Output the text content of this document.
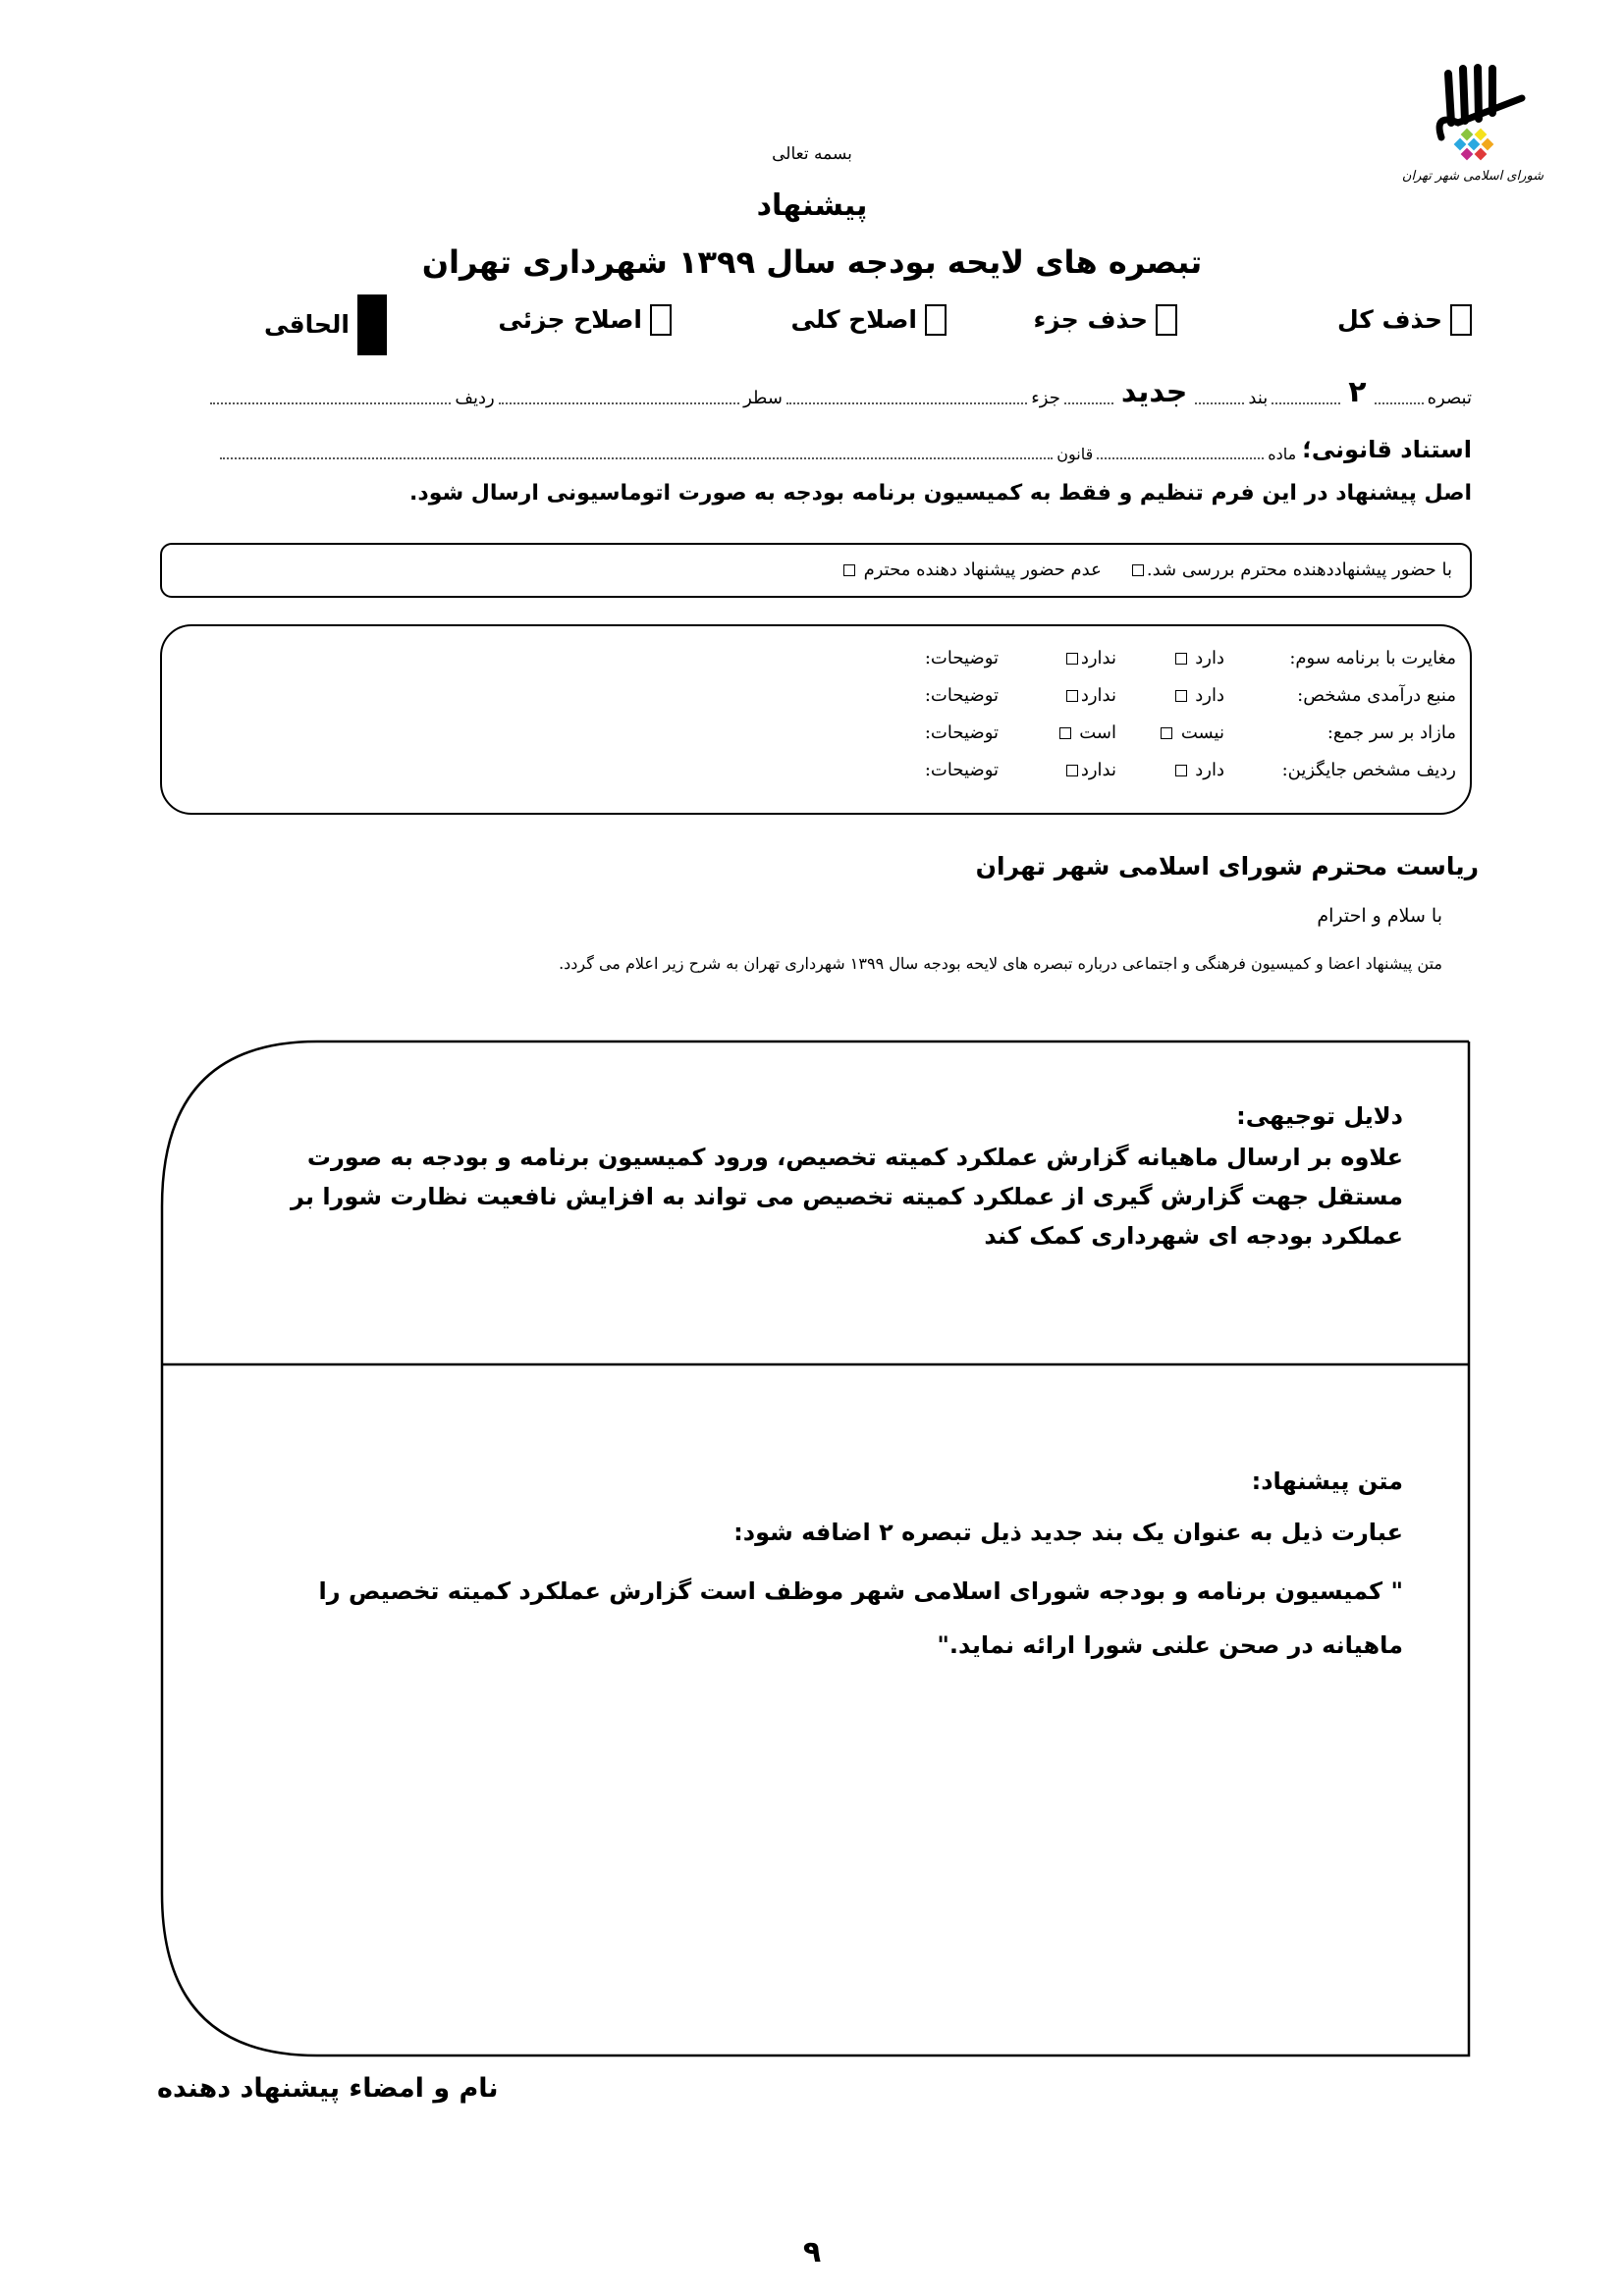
شورای اسلامی شهر تهران
بسمه تعالی
پیشنهاد
تبصره های لایحه بودجه سال ۱۳۹۹ شهرداری تهران
حذف کل
حذف جزء
اصلاح کلی
اصلاح جزئی
الحاقی
تبصره
۲
بند
جدید
جزء
سطر
ردیف
استناد قانونی؛
ماده
قانون
اصل پیشنهاد در این فرم تنظیم و فقط به کمیسیون برنامه بودجه به صورت اتوماسیونی ارسال شود.
با حضور پیشنهاددهنده محترم بررسی شد.
عدم حضور پیشنهاد دهنده محترم
مغایرت با برنامه سوم:
دارد
ندارد
توضیحات:
منبع درآمدی مشخص:
دارد
ندارد
توضیحات:
مازاد بر سر جمع:
نیست
است
توضیحات:
ردیف مشخص جایگزین:
دارد
ندارد
توضیحات:
ریاست محترم شورای اسلامی شهر تهران
با سلام و احترام
متن پیشنهاد اعضا و کمیسیون فرهنگی و اجتماعی درباره تبصره های لایحه بودجه سال ۱۳۹۹ شهرداری تهران به شرح زیر اعلام می گردد.
دلایل توجیهی:
علاوه بر ارسال ماهیانه گزارش عملکرد کمیته تخصیص، ورود کمیسیون برنامه و بودجه به صورت مستقل جهت گزارش گیری از عملکرد کمیته تخصیص می تواند به افزایش نافعیت نظارت شورا بر عملکرد بودجه ای شهرداری کمک کند
متن پیشنهاد:
عبارت ذیل به عنوان یک بند جدید ذیل تبصره ۲ اضافه شود:
" کمیسیون برنامه و بودجه شورای اسلامی شهر موظف است گزارش عملکرد کمیته تخصیص را ماهیانه در صحن علنی شورا ارائه نماید."
نام و امضاء پیشنهاد دهنده
۹
